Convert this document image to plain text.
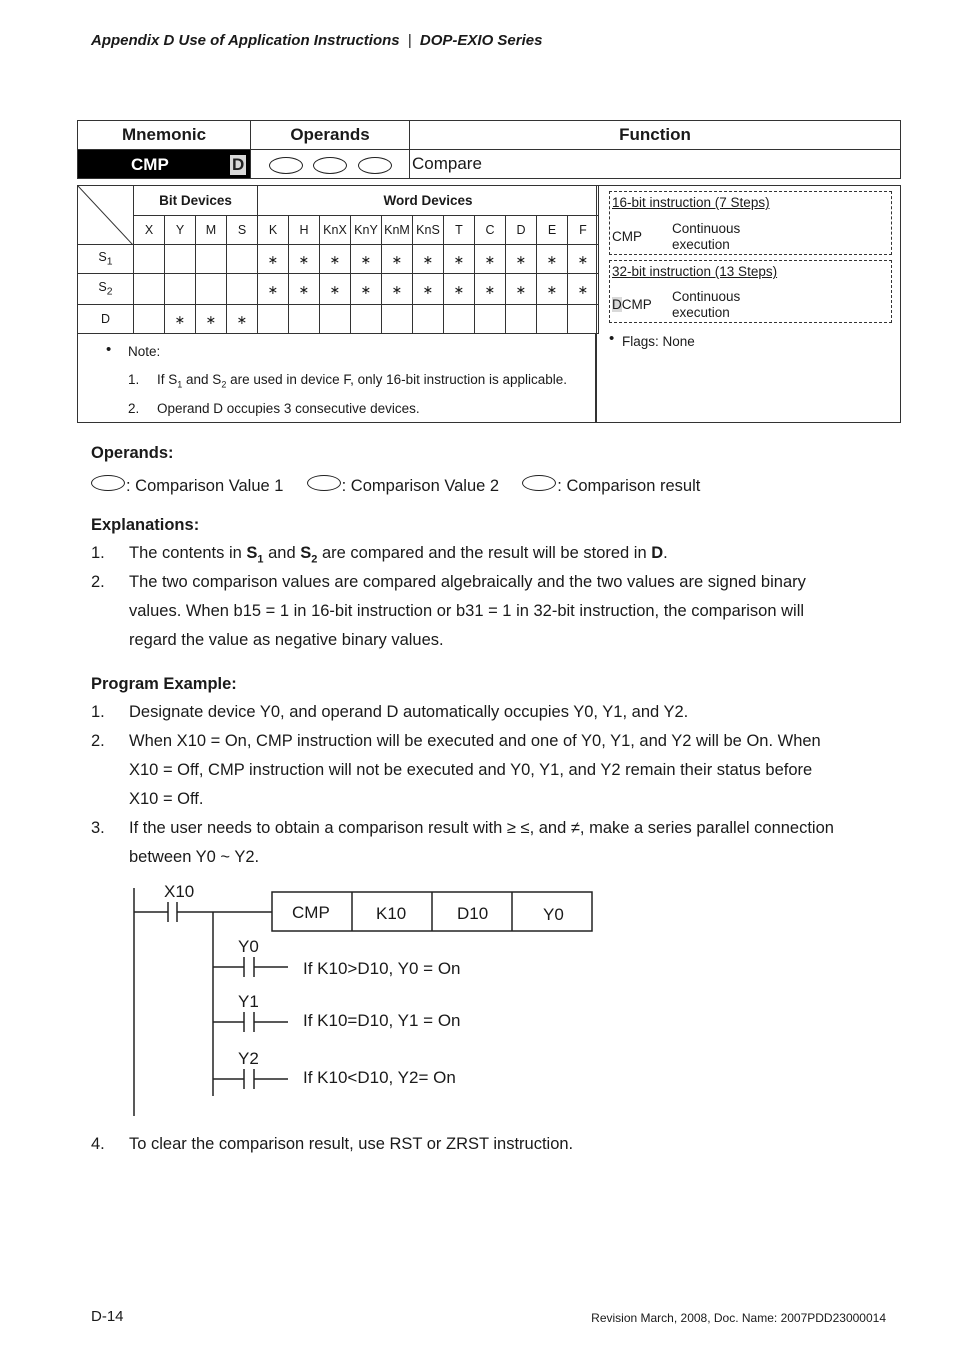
Appendix D Use of Application Instructions | DOP-EXIO Series
Mnemonic	Operands	Function

CMP D		Compare
	Bit Devices				Word Devices										
	X	Y	M	S	K	H	KnX	KnY	KnM	KnS	T	C	D	E	F
$S_1$					∗	∗	∗	∗	∗	∗	∗	∗	∗	∗	∗
$S_2$					∗	∗	∗	∗	∗	∗	∗	∗	∗	∗	∗
D		∗	∗	∗											
• Note:
1. If $S_1$ and $S_2$ are used in device F, only 16-bit instruction is applicable.
2. Operand D occupies 3 consecutive devices.
16-bit instruction (7 Steps)
CMP
Continuous
execution
32-bit instruction (13 Steps)
DCMP
Continuous
execution
• Flags: None
Operands:
: Comparison Value 1	: Comparison Value 2	: Comparison result
Explanations:
1. The contents in $S_1$ and $S_2$ are compared and the result will be stored in D.
2. The two comparison values are compared algebraically and the two values are signed binary
values. When b15 = 1 in 16-bit instruction or b31 = 1 in 32-bit instruction, the comparison will
regard the value as negative binary values.
Program Example:
1. Designate device Y0, and operand D automatically occupies Y0, Y1, and Y2.
2. When X10 = On, CMP instruction will be executed and one of Y0, Y1, and Y2 will be On. When
X10 = Off, CMP instruction will not be executed and Y0, Y1, and Y2 remain their status before
X10 = Off.
3. If the user needs to obtain a comparison result with ≥ ≤, and ≠, make a series parallel connection
between Y0 ~ Y2.
X10
CMP	K10	D10	Y0
Y0
If K10>D10, Y0 = On
Y1
If K10=D10, Y1 = On
Y2
If K10<D10, Y2= On
4. To clear the comparison result, use RST or ZRST instruction.
D-14	Revision March, 2008, Doc. Name: 2007PDD23000014
